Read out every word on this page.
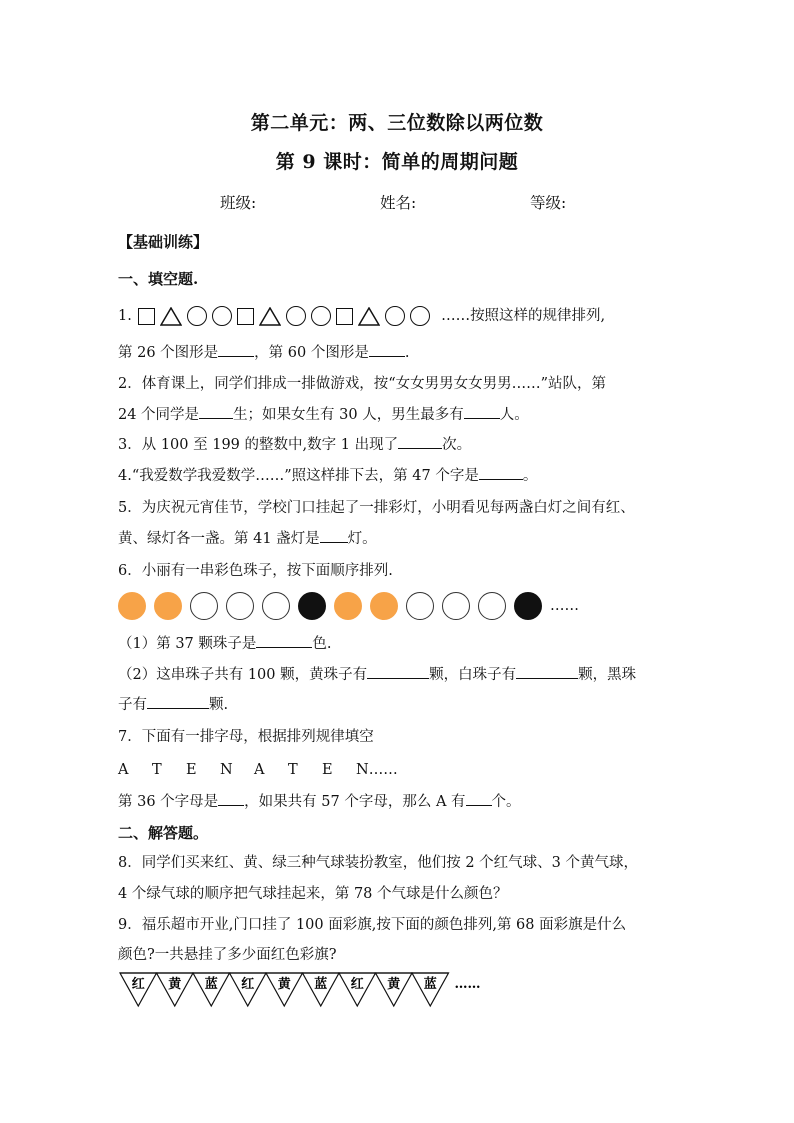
第二单元：两、三位数除以两位数
第 9 课时：简单的周期问题
班级:	姓名:	等级:
【基础训练】
一、填空题.
1.	……按照这样的规律排列,
第 26 个图形是 ，第 60 个图形是 .
2．体育课上，同学们排成一排做游戏，按“女女男男女女男男……”站队，第
24 个同学是 生；如果女生有 30 人，男生最多有 人。
3．从 100 至 199 的整数中,数字 1 出现了	次。
4.“我爱数学我爱数学……”照这样排下去，第 47 个字是	。
5．为庆祝元宵佳节，学校门口挂起了一排彩灯，小明看见每两盏白灯之间有红、
黄、绿灯各一盏。第 41 盏灯是 灯。
6．小丽有一串彩色珠子，按下面顺序排列.
……
（1）第 37 颗珠子是	色.
（2）这串珠子共有 100 颗，黄珠子有	颗，白珠子有	颗，黑珠
子有	颗.
7．下面有一排字母，根据排列规律填空
A T E N A T E N……
第 36 个字母是 ，如果共有 57 个字母，那么 A 有 个。
二、解答题。
8．同学们买来红、黄、绿三种气球装扮教室，他们按 2 个红气球、3 个黄气球，
4 个绿气球的顺序把气球挂起来，第 78 个气球是什么颜色？
9．福乐超市开业,门口挂了 100 面彩旗,按下面的颜色排列,第 68 面彩旗是什么
颜色?一共悬挂了多少面红色彩旗?
红 黄 蓝 红 黄 蓝 红 黄 蓝 ……
